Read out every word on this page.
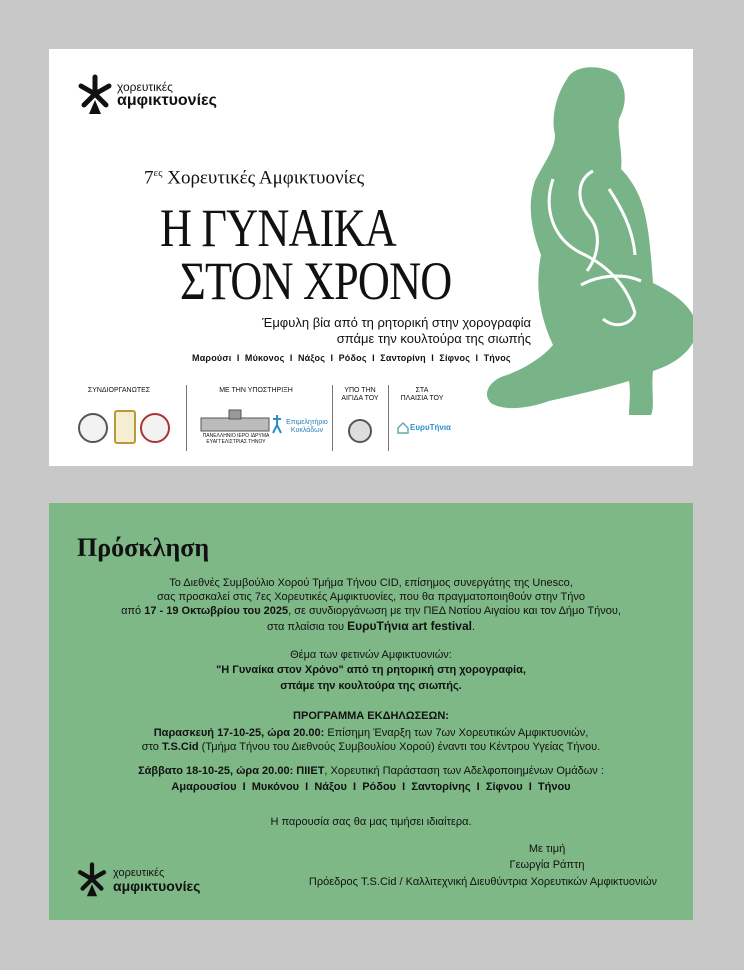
χορευτικές
αμφικτυονίες
$7^{\varepsilon\varsigma}$ Χορευτικές Αμφικτυονίες
Η ΓΥΝΑΙΚΑ
ΣΤΟΝ ΧΡΟΝΟ
Έμφυλη βία από τη ρητορική στην χορογραφία
σπάμε την κουλτούρα της σιωπής
Μαρούσι I Μύκονος I Νάξος I Ρόδος I Σαντορίνη I Σίφνος I Τήνος
ΣΥΝΔΙΟΡΓΑΝΩΤΕΣ	ΜΕ ΤΗΝ ΥΠΟΣΤΗΡΙΞΗ
ΠΑΝΕΛΛΗΝΙΟ ΙΕΡΟ ΙΔΡΥΜΑ ΕΥΑΓΓΕΛΙΣΤΡΙΑΣ ΤΗΝΟΥ
Επιμελητήριο
Κυκλάδων
ΥΠΟ ΤΗΝ
ΑΙΓΙΔΑ ΤΟΥ
ΣΤΑ
ΠΛΑΙΣΙΑ ΤΟΥ
ΕυρυΤήνια
Πρόσκληση
Το Διεθνές Συμβούλιο Χορού Τμήμα Τήνου CID, επίσημος συνεργάτης της Unesco,
σας προσκαλεί στις 7ες Χορευτικές Αμφικτυονίες, που θα πραγματοποιηθούν στην Τήνο
από 17 - 19 Οκτωβρίου του 2025, σε συνδιοργάνωση με την ΠΕΔ Νοτίου Αιγαίου και τον Δήμο Τήνου,
στα πλαίσια του ΕυρυΤήνια art festival.
Θέμα των φετινών Αμφικτυονιών:
"Η Γυναίκα στον Χρόνο" από τη ρητορική στη χορογραφία,
σπάμε την κουλτούρα της σιωπής.
ΠΡΟΓΡΑΜΜΑ ΕΚΔΗΛΩΣΕΩΝ:
Παρασκευή 17-10-25, ώρα 20.00: Επίσημη Έναρξη των 7ων Χορευτικών Αμφικτυονιών,
στο T.S.Cid (Τμήμα Τήνου του Διεθνούς Συμβουλίου Χορού) έναντι του Κέντρου Υγείας Τήνου.
Σάββατο 18-10-25, ώρα 20.00: ΠΙΙΕΤ, Χορευτική Παράσταση των Αδελφοποιημένων Ομάδων :
Αμαρουσίου  I  Μυκόνου  I  Νάξου  I  Ρόδου  I  Σαντορίνης  I  Σίφνου  I  Τήνου
Η παρουσία σας θα μας τιμήσει ιδιαίτερα.
Με τιμή
Γεωργία Ράπτη
Πρόεδρος T.S.Cid / Καλλιτεχνική Διευθύντρια Χορευτικών Αμφικτυονιών
χορευτικές
αμφικτυονίες
